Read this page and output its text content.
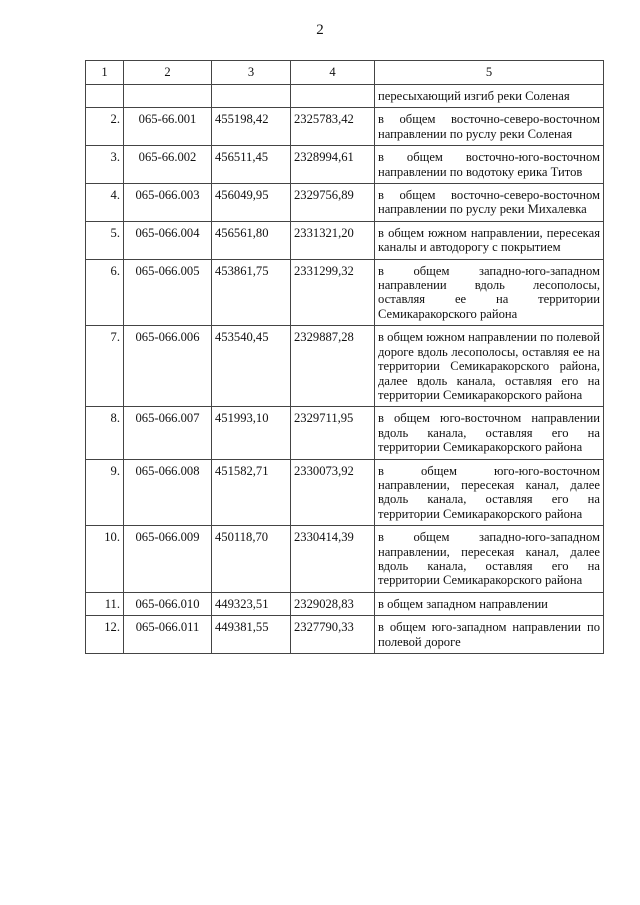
2
1	2	3	4	5
				пересыхающий изгиб реки Соленая
2.	065-66.001	455198,42	2325783,42	в общем восточно-северо-восточном направлении по руслу реки Соленая
3.	065-66.002	456511,45	2328994,61	в общем восточно-юго-восточном направлении по водотоку ерика Титов
4.	065-066.003	456049,95	2329756,89	в общем восточно-северо-восточном направлении по руслу реки Михалевка
5.	065-066.004	456561,80	2331321,20	в общем южном направлении, пересекая каналы и автодорогу с покрытием
6.	065-066.005	453861,75	2331299,32	в общем западно-юго-западном направлении вдоль лесополосы, оставляя ее на территории Семикаракорского района
7.	065-066.006	453540,45	2329887,28	в общем южном направлении по полевой дороге вдоль лесополосы, оставляя ее на территории Семикаракорского района, далее вдоль канала, оставляя его на территории Семикаракорского района
8.	065-066.007	451993,10	2329711,95	в общем юго-восточном направлении вдоль канала, оставляя его на территории Семикаракорского района
9.	065-066.008	451582,71	2330073,92	в общем юго-юго-восточном направлении, пересекая канал, далее вдоль канала, оставляя его на территории Семикаракорского района
10.	065-066.009	450118,70	2330414,39	в общем западно-юго-западном направлении, пересекая канал, далее вдоль канала, оставляя его на территории Семикаракорского района
11.	065-066.010	449323,51	2329028,83	в общем западном направлении
12.	065-066.011	449381,55	2327790,33	в общем юго-западном направлении по полевой дороге
